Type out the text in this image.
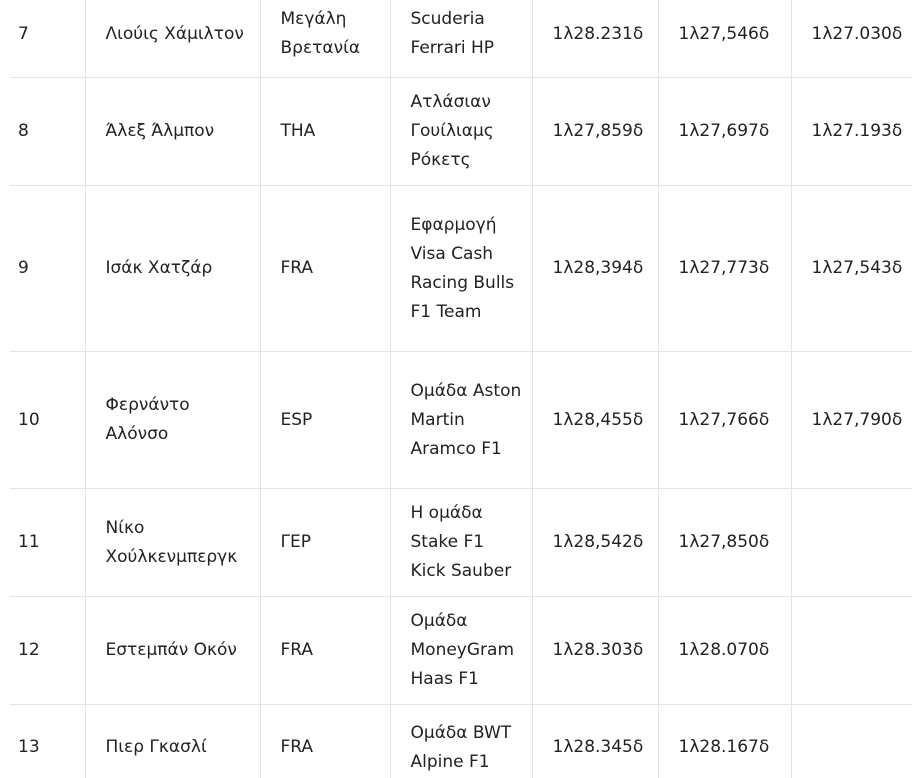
7	Λιούις Χάμιλτον	Μεγάλη Βρετανία	Scuderia Ferrari HP	1λ28.231δ	1λ27,546δ	1λ27.030δ
8	Άλεξ Άλμπον	THA	Ατλάσιαν Γουίλιαμς Ρόκετς	1λ27,859δ	1λ27,697δ	1λ27.193δ
9	Ισάκ Χατζάρ	FRA	Εφαρμογή Visa Cash Racing Bulls F1 Team	1λ28,394δ	1λ27,773δ	1λ27,543δ
10	Φερνάντο Αλόνσο	ESP	Ομάδα Aston Martin Aramco F1	1λ28,455δ	1λ27,766δ	1λ27,790δ
11	Νίκο Χούλκενμπεργκ	ΓΕΡ	Η ομάδα Stake F1 Kick Sauber	1λ28,542δ	1λ27,850δ	
12	Εστεμπάν Οκόν	FRA	Ομάδα MoneyGram Haas F1	1λ28.303δ	1λ28.070δ	
13	Πιερ Γκασλί	FRA	Ομάδα BWT Alpine F1	1λ28.345δ	1λ28.167δ	
